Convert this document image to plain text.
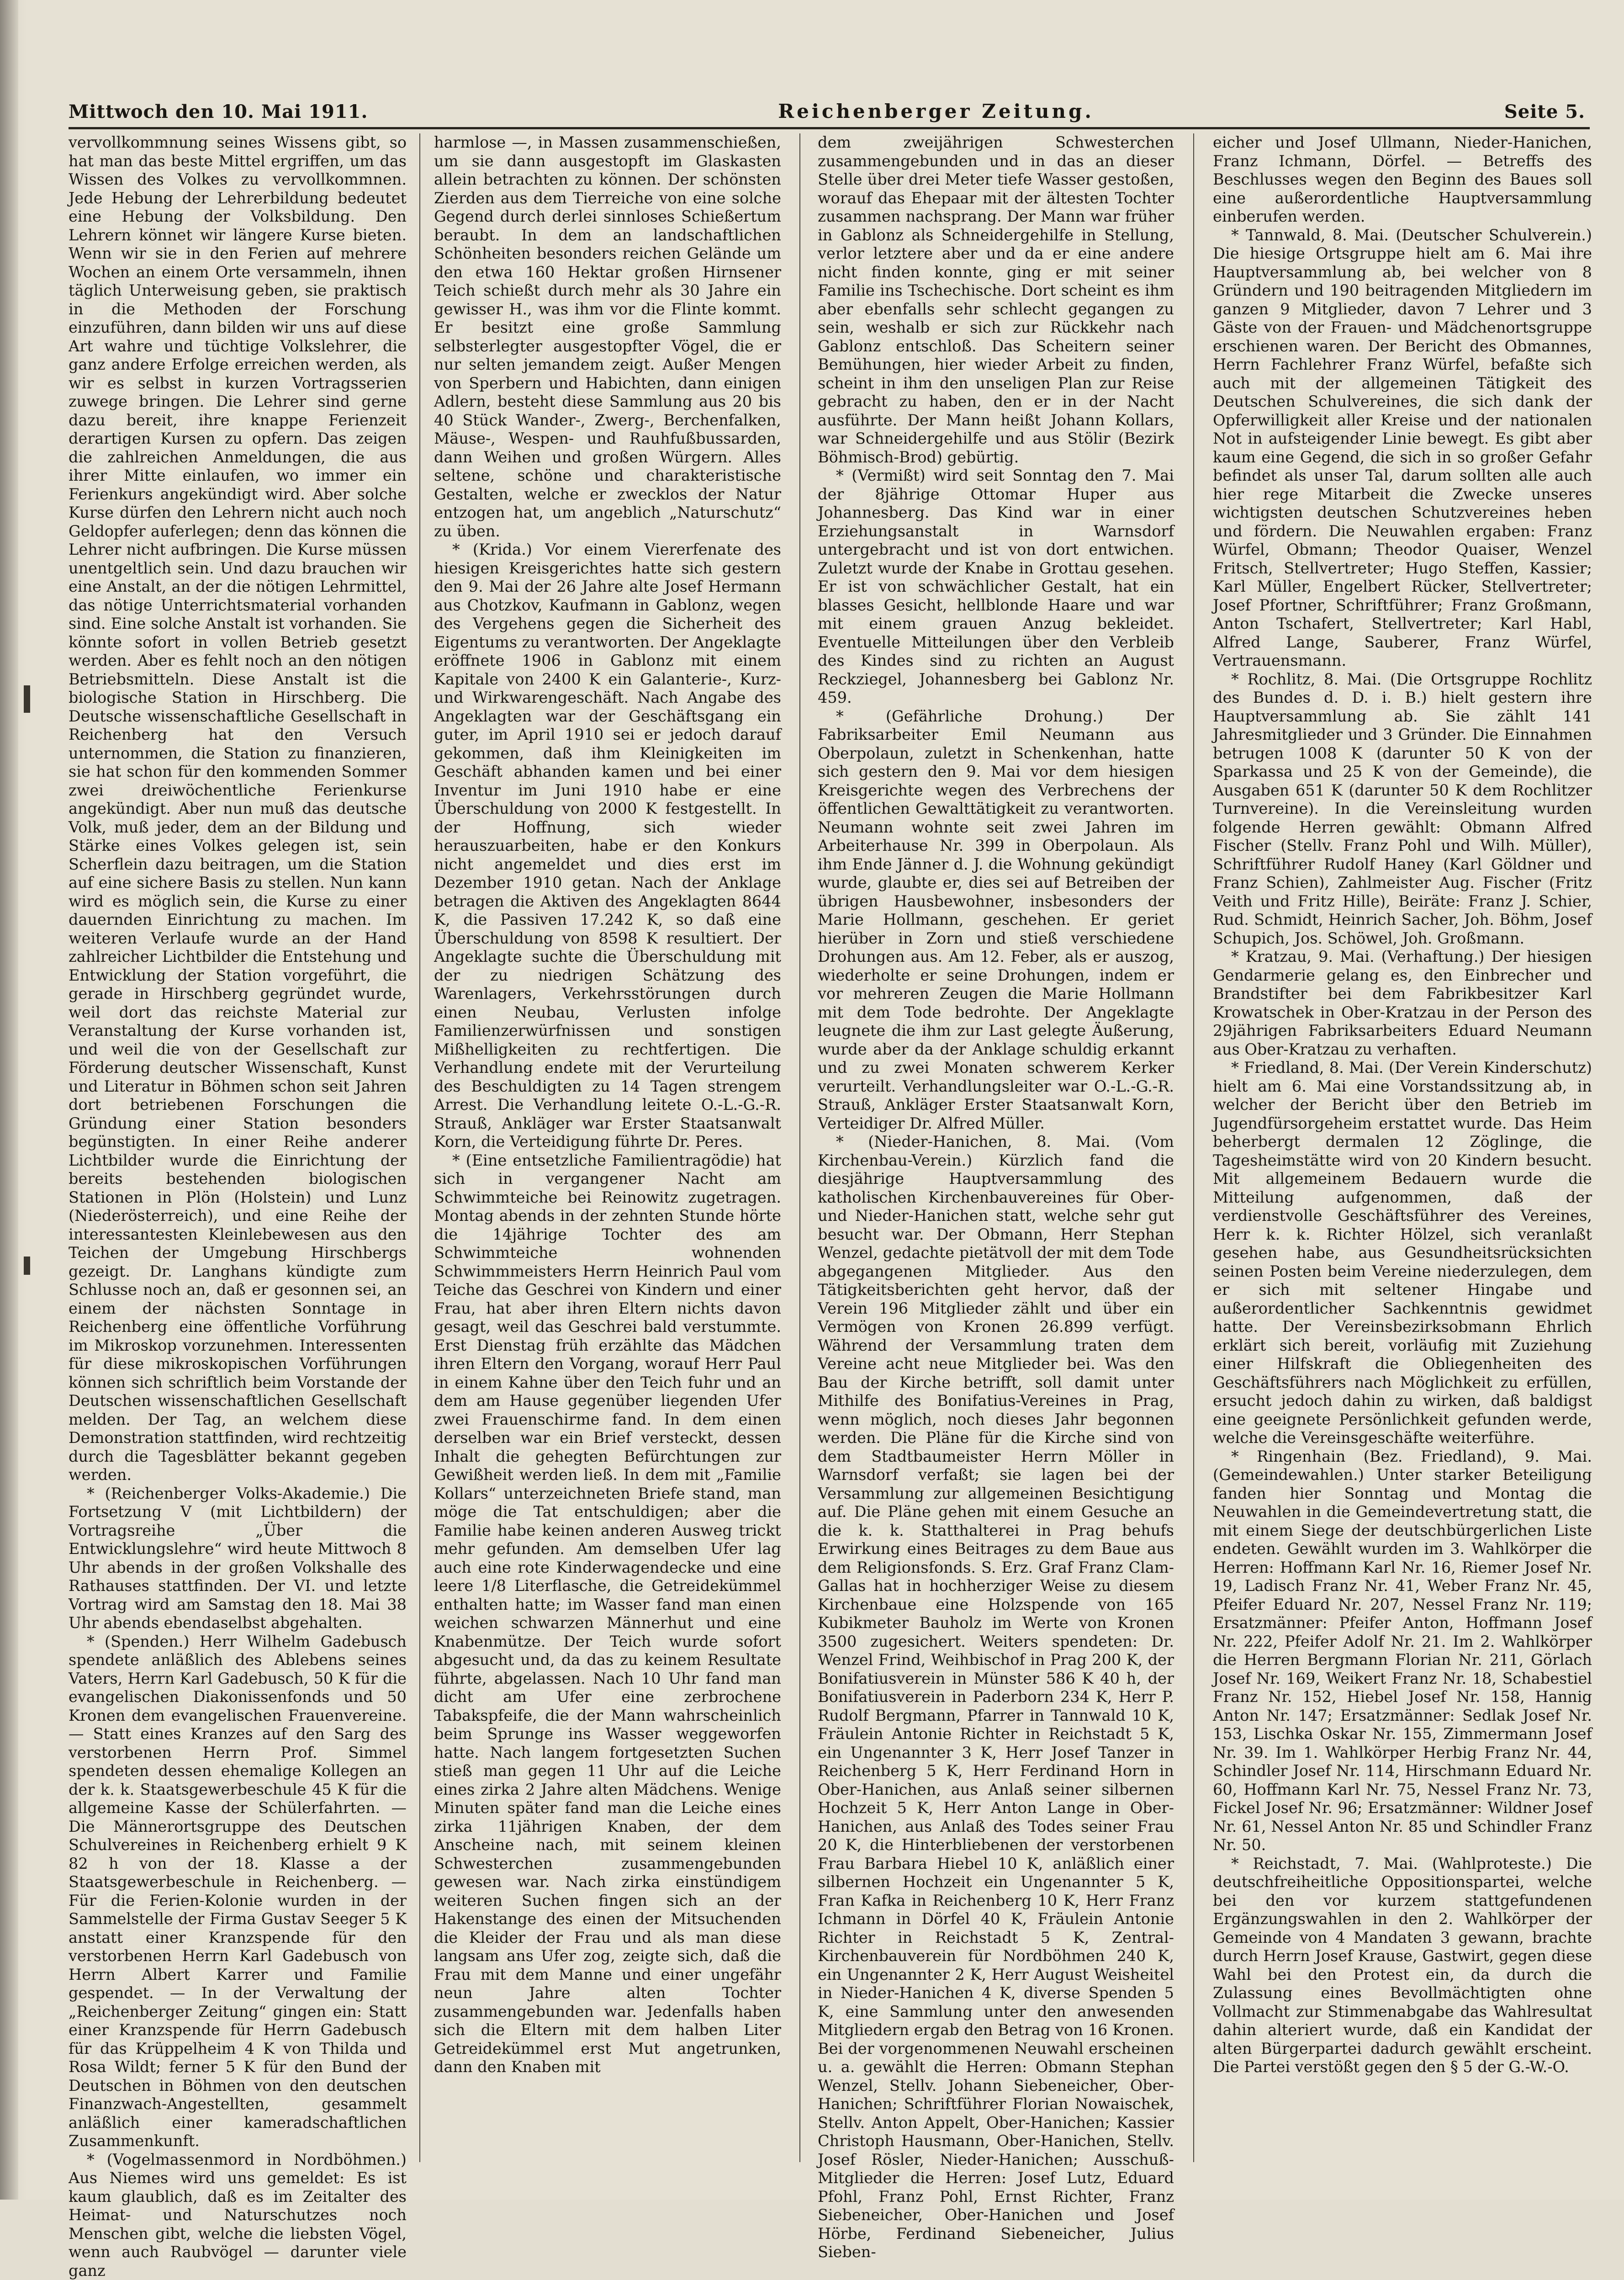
Mittwoch den 10. Mai 1911.	Reichenberger Zeitung.	Seite 5.

vervollkommnung seines Wissens gibt, so hat man das beste Mittel ergriffen, um das Wissen des Volkes zu vervollkommnen. Jede Hebung der Lehrerbildung bedeutet eine Hebung der Volksbildung. Den Lehrern könnet wir längere Kurse bieten. Wenn wir sie in den Ferien auf mehrere Wochen an einem Orte versammeln, ihnen täglich Unterweisung geben, sie praktisch in die Methoden der Forschung einzuführen, dann bilden wir uns auf diese Art wahre und tüchtige Volkslehrer, die ganz andere Erfolge erreichen werden, als wir es selbst in kurzen Vortragsserien zuwege bringen. Die Lehrer sind gerne dazu bereit, ihre knappe Ferienzeit derartigen Kursen zu opfern. Das zeigen die zahlreichen Anmeldungen, die aus ihrer Mitte einlaufen, wo immer ein Ferienkurs angekündigt wird. Aber solche Kurse dürfen den Lehrern nicht auch noch Geldopfer auferlegen; denn das können die Lehrer nicht aufbringen. Die Kurse müssen unentgeltlich sein. Und dazu brauchen wir eine Anstalt, an der die nötigen Lehrmittel, das nötige Unterrichtsmaterial vorhanden sind. Eine solche Anstalt ist vorhanden. Sie könnte sofort in vollen Betrieb gesetzt werden. Aber es fehlt noch an den nötigen Betriebsmitteln. Diese Anstalt ist die biologische Station in Hirschberg. Die Deutsche wissenschaftliche Gesellschaft in Reichenberg hat den Versuch unternommen, die Station zu finanzieren, sie hat schon für den kommenden Sommer zwei dreiwöchentliche Ferienkurse angekündigt. Aber nun muß das deutsche Volk, muß jeder, dem an der Bildung und Stärke eines Volkes gelegen ist, sein Scherflein dazu beitragen, um die Station auf eine sichere Basis zu stellen. Nun kann wird es möglich sein, die Kurse zu einer dauernden Einrichtung zu machen. Im weiteren Verlaufe wurde an der Hand zahlreicher Lichtbilder die Entstehung und Entwicklung der Station vorgeführt, die gerade in Hirschberg gegründet wurde, weil dort das reichste Material zur Veranstaltung der Kurse vorhanden ist, und weil die von der Gesellschaft zur Förderung deutscher Wissenschaft, Kunst und Literatur in Böhmen schon seit Jahren dort betriebenen Forschungen die Gründung einer Station besonders begünstigten. In einer Reihe anderer Lichtbilder wurde die Einrichtung der bereits bestehenden biologischen Stationen in Plön (Holstein) und Lunz (Niederösterreich), und eine Reihe der interessantesten Kleinlebewesen aus den Teichen der Umgebung Hirschbergs gezeigt. Dr. Langhans kündigte zum Schlusse noch an, daß er gesonnen sei, an einem der nächsten Sonntage in Reichenberg eine öffentliche Vorführung im Mikroskop vorzunehmen. Interessenten für diese mikroskopischen Vorführungen können sich schriftlich beim Vorstande der Deutschen wissenschaftlichen Gesellschaft melden. Der Tag, an welchem diese Demonstration stattfinden, wird rechtzeitig durch die Tagesblätter bekannt gegeben werden.

* (Reichenberger Volks-Akademie.) Die Fortsetzung V (mit Lichtbildern) der Vortragsreihe „Über die Entwicklungslehre“ wird heute Mittwoch 8 Uhr abends in der großen Volkshalle des Rathauses stattfinden. Der VI. und letzte Vortrag wird am Samstag den 18. Mai 38 Uhr abends ebendaselbst abgehalten.

* (Spenden.) Herr Wilhelm Gadebusch spendete anläßlich des Ablebens seines Vaters, Herrn Karl Gadebusch, 50 K für die evangelischen Diakonissenfonds und 50 Kronen dem evangelischen Frauenvereine. — Statt eines Kranzes auf den Sarg des verstorbenen Herrn Prof. Simmel spendeten dessen ehemalige Kollegen an der k. k. Staatsgewerbeschule 45 K für die allgemeine Kasse der Schülerfahrten. — Die Männerortsgruppe des Deutschen Schulvereines in Reichenberg erhielt 9 K 82 h von der 18. Klasse a der Staatsgewerbeschule in Reichenberg. — Für die Ferien-Kolonie wurden in der Sammelstelle der Firma Gustav Seeger 5 K anstatt einer Kranzspende für den verstorbenen Herrn Karl Gadebusch von Herrn Albert Karrer und Familie gespendet. — In der Verwaltung der „Reichenberger Zeitung“ gingen ein: Statt einer Kranzspende für Herrn Gadebusch für das Krüppelheim 4 K von Thilda und Rosa Wildt; ferner 5 K für den Bund der Deutschen in Böhmen von den deutschen Finanzwach-Angestellten, gesammelt anläßlich einer kameradschaftlichen Zusammenkunft.

* (Vogelmassenmord in Nordböhmen.) Aus Niemes wird uns gemeldet: Es ist kaum glaublich, daß es im Zeitalter des Heimat- und Naturschutzes noch Menschen gibt, welche die liebsten Vögel, wenn auch Raubvögel — darunter viele ganz

harmlose —, in Massen zusammenschießen, um sie dann ausgestopft im Glaskasten allein betrachten zu können. Der schönsten Zierden aus dem Tierreiche von eine solche Gegend durch derlei sinnloses Schießertum beraubt. In dem an landschaftlichen Schönheiten besonders reichen Gelände um den etwa 160 Hektar großen Hirnsener Teich schießt durch mehr als 30 Jahre ein gewisser H., was ihm vor die Flinte kommt. Er besitzt eine große Sammlung selbsterlegter ausgestopfter Vögel, die er nur selten jemandem zeigt. Außer Mengen von Sperbern und Habichten, dann einigen Adlern, besteht diese Sammlung aus 20 bis 40 Stück Wander-, Zwerg-, Berchenfalken, Mäuse-, Wespen- und Rauhfußbussarden, dann Weihen und großen Würgern. Alles seltene, schöne und charakteristische Gestalten, welche er zwecklos der Natur entzogen hat, um angeblich „Naturschutz“ zu üben.

* (Krida.) Vor einem Viererfenate des hiesigen Kreisgerichtes hatte sich gestern den 9. Mai der 26 Jahre alte Josef Hermann aus Chotzkov, Kaufmann in Gablonz, wegen des Vergehens gegen die Sicherheit des Eigentums zu verantworten. Der Angeklagte eröffnete 1906 in Gablonz mit einem Kapitale von 2400 K ein Galanterie-, Kurz- und Wirkwarengeschäft. Nach Angabe des Angeklagten war der Geschäftsgang ein guter, im April 1910 sei er jedoch darauf gekommen, daß ihm Kleinigkeiten im Geschäft abhanden kamen und bei einer Inventur im Juni 1910 habe er eine Überschuldung von 2000 K festgestellt. In der Hoffnung, sich wieder herauszuarbeiten, habe er den Konkurs nicht angemeldet und dies erst im Dezember 1910 getan. Nach der Anklage betragen die Aktiven des Angeklagten 8644 K, die Passiven 17.242 K, so daß eine Überschuldung von 8598 K resultiert. Der Angeklagte suchte die Überschuldung mit der zu niedrigen Schätzung des Warenlagers, Verkehrsstörungen durch einen Neubau, Verlusten infolge Familienzerwürfnissen und sonstigen Mißhelligkeiten zu rechtfertigen. Die Verhandlung endete mit der Verurteilung des Beschuldigten zu 14 Tagen strengem Arrest. Die Verhandlung leitete O.-L.-G.-R. Strauß, Ankläger war Erster Staatsanwalt Korn, die Verteidigung führte Dr. Peres.

* (Eine entsetzliche Familientragödie) hat sich in vergangener Nacht am Schwimmteiche bei Reinowitz zugetragen. Montag abends in der zehnten Stunde hörte die 14jährige Tochter des am Schwimmteiche wohnenden Schwimmmeisters Herrn Heinrich Paul vom Teiche das Geschrei von Kindern und einer Frau, hat aber ihren Eltern nichts davon gesagt, weil das Geschrei bald verstummte. Erst Dienstag früh erzählte das Mädchen ihren Eltern den Vorgang, worauf Herr Paul in einem Kahne über den Teich fuhr und an dem am Hause gegenüber liegenden Ufer zwei Frauenschirme fand. In dem einen derselben war ein Brief versteckt, dessen Inhalt die gehegten Befürchtungen zur Gewißheit werden ließ. In dem mit „Familie Kollars“ unterzeichneten Briefe stand, man möge die Tat entschuldigen; aber die Familie habe keinen anderen Ausweg trickt mehr gefunden. Am demselben Ufer lag auch eine rote Kinderwagendecke und eine leere 1/8 Literflasche, die Getreidekümmel enthalten hatte; im Wasser fand man einen weichen schwarzen Männerhut und eine Knabenmütze. Der Teich wurde sofort abgesucht und, da das zu keinem Resultate führte, abgelassen. Nach 10 Uhr fand man dicht am Ufer eine zerbrochene Tabakspfeife, die der Mann wahrscheinlich beim Sprunge ins Wasser weggeworfen hatte. Nach langem fortgesetzten Suchen stieß man gegen 11 Uhr auf die Leiche eines zirka 2 Jahre alten Mädchens. Wenige Minuten später fand man die Leiche eines zirka 11jährigen Knaben, der dem Anscheine nach, mit seinem kleinen Schwesterchen zusammengebunden gewesen war. Nach zirka einstündigem weiteren Suchen fingen sich an der Hakenstange des einen der Mitsuchenden die Kleider der Frau und als man diese langsam ans Ufer zog, zeigte sich, daß die Frau mit dem Manne und einer ungefähr neun Jahre alten Tochter zusammengebunden war. Jedenfalls haben sich die Eltern mit dem halben Liter Getreidekümmel erst Mut angetrunken, dann den Knaben mit

dem zweijährigen Schwesterchen zusammengebunden und in das an dieser Stelle über drei Meter tiefe Wasser gestoßen, worauf das Ehepaar mit der ältesten Tochter zusammen nachsprang. Der Mann war früher in Gablonz als Schneidergehilfe in Stellung, verlor letztere aber und da er eine andere nicht finden konnte, ging er mit seiner Familie ins Tschechische. Dort scheint es ihm aber ebenfalls sehr schlecht gegangen zu sein, weshalb er sich zur Rückkehr nach Gablonz entschloß. Das Scheitern seiner Bemühungen, hier wieder Arbeit zu finden, scheint in ihm den unseligen Plan zur Reise gebracht zu haben, den er in der Nacht ausführte. Der Mann heißt Johann Kollars, war Schneidergehilfe und aus Stölir (Bezirk Böhmisch-Brod) gebürtig.

* (Vermißt) wird seit Sonntag den 7. Mai der 8jährige Ottomar Huper aus Johannesberg. Das Kind war in einer Erziehungsanstalt in Warnsdorf untergebracht und ist von dort entwichen. Zuletzt wurde der Knabe in Grottau gesehen. Er ist von schwächlicher Gestalt, hat ein blasses Gesicht, hellblonde Haare und war mit einem grauen Anzug bekleidet. Eventuelle Mitteilungen über den Verbleib des Kindes sind zu richten an August Reckziegel, Johannesberg bei Gablonz Nr. 459.

* (Gefährliche Drohung.) Der Fabriksarbeiter Emil Neumann aus Oberpolaun, zuletzt in Schenkenhan, hatte sich gestern den 9. Mai vor dem hiesigen Kreisgerichte wegen des Verbrechens der öffentlichen Gewalttätigkeit zu verantworten. Neumann wohnte seit zwei Jahren im Arbeiterhause Nr. 399 in Oberpolaun. Als ihm Ende Jänner d. J. die Wohnung gekündigt wurde, glaubte er, dies sei auf Betreiben der übrigen Hausbewohner, insbesonders der Marie Hollmann, geschehen. Er geriet hierüber in Zorn und stieß verschiedene Drohungen aus. Am 12. Feber, als er auszog, wiederholte er seine Drohungen, indem er vor mehreren Zeugen die Marie Hollmann mit dem Tode bedrohte. Der Angeklagte leugnete die ihm zur Last gelegte Äußerung, wurde aber da der Anklage schuldig erkannt und zu zwei Monaten schwerem Kerker verurteilt. Verhandlungsleiter war O.-L.-G.-R. Strauß, Ankläger Erster Staatsanwalt Korn, Verteidiger Dr. Alfred Müller.

* (Nieder-Hanichen, 8. Mai. (Vom Kirchenbau-Verein.) Kürzlich fand die diesjährige Hauptversammlung des katholischen Kirchenbauvereines für Ober- und Nieder-Hanichen statt, welche sehr gut besucht war. Der Obmann, Herr Stephan Wenzel, gedachte pietätvoll der mit dem Tode abgegangenen Mitglieder. Aus den Tätigkeitsberichten geht hervor, daß der Verein 196 Mitglieder zählt und über ein Vermögen von Kronen 26.899 verfügt. Während der Versammlung traten dem Vereine acht neue Mitglieder bei. Was den Bau der Kirche betrifft, soll damit unter Mithilfe des Bonifatius-Vereines in Prag, wenn möglich, noch dieses Jahr begonnen werden. Die Pläne für die Kirche sind von dem Stadtbaumeister Herrn Möller in Warnsdorf verfaßt; sie lagen bei der Versammlung zur allgemeinen Besichtigung auf. Die Pläne gehen mit einem Gesuche an die k. k. Statthalterei in Prag behufs Erwirkung eines Beitrages zu dem Baue aus dem Religionsfonds. S. Erz. Graf Franz Clam-Gallas hat in hochherziger Weise zu diesem Kirchenbaue eine Holzspende von 165 Kubikmeter Bauholz im Werte von Kronen 3500 zugesichert. Weiters spendeten: Dr. Wenzel Frind, Weihbischof in Prag 200 K, der Bonifatiusverein in Münster 586 K 40 h, der Bonifatiusverein in Paderborn 234 K, Herr P. Rudolf Bergmann, Pfarrer in Tannwald 10 K, Fräulein Antonie Richter in Reichstadt 5 K, ein Ungenannter 3 K, Herr Josef Tanzer in Reichenberg 5 K, Herr Ferdinand Horn in Ober-Hanichen, aus Anlaß seiner silbernen Hochzeit 5 K, Herr Anton Lange in Ober-Hanichen, aus Anlaß des Todes seiner Frau 20 K, die Hinterbliebenen der verstorbenen Frau Barbara Hiebel 10 K, anläßlich einer silbernen Hochzeit ein Ungenannter 5 K, Fran Kafka in Reichenberg 10 K, Herr Franz Ichmann in Dörfel 40 K, Fräulein Antonie Richter in Reichstadt 5 K, Zentral-Kirchenbauverein für Nordböhmen 240 K, ein Ungenannter 2 K, Herr August Weisheitel in Nieder-Hanichen 4 K, diverse Spenden 5 K, eine Sammlung unter den anwesenden Mitgliedern ergab den Betrag von 16 Kronen. Bei der vorgenommenen Neuwahl erscheinen u. a. gewählt die Herren: Obmann Stephan Wenzel, Stellv. Johann Siebeneicher, Ober-Hanichen; Schriftführer Florian Nowaischek, Stellv. Anton Appelt, Ober-Hanichen; Kassier Christoph Hausmann, Ober-Hanichen, Stellv. Josef Rösler, Nieder-Hanichen; Ausschuß-Mitglieder die Herren: Josef Lutz, Eduard Pfohl, Franz Pohl, Ernst Richter, Franz Siebeneicher, Ober-Hanichen und Josef Hörbe, Ferdinand Siebeneicher, Julius Sieben-

eicher und Josef Ullmann, Nieder-Hanichen, Franz Ichmann, Dörfel. — Betreffs des Beschlusses wegen den Beginn des Baues soll eine außerordentliche Hauptversammlung einberufen werden.

* Tannwald, 8. Mai. (Deutscher Schulverein.) Die hiesige Ortsgruppe hielt am 6. Mai ihre Hauptversammlung ab, bei welcher von 8 Gründern und 190 beitragenden Mitgliedern im ganzen 9 Mitglieder, davon 7 Lehrer und 3 Gäste von der Frauen- und Mädchenortsgruppe erschienen waren. Der Bericht des Obmannes, Herrn Fachlehrer Franz Würfel, befaßte sich auch mit der allgemeinen Tätigkeit des Deutschen Schulvereines, die sich dank der Opferwilligkeit aller Kreise und der nationalen Not in aufsteigender Linie bewegt. Es gibt aber kaum eine Gegend, die sich in so großer Gefahr befindet als unser Tal, darum sollten alle auch hier rege Mitarbeit die Zwecke unseres wichtigsten deutschen Schutzvereines heben und fördern. Die Neuwahlen ergaben: Franz Würfel, Obmann; Theodor Quaiser, Wenzel Fritsch, Stellvertreter; Hugo Steffen, Kassier; Karl Müller, Engelbert Rücker, Stellvertreter; Josef Pfortner, Schriftführer; Franz Großmann, Anton Tschafert, Stellvertreter; Karl Habl, Alfred Lange, Sauberer, Franz Würfel, Vertrauensmann.

* Rochlitz, 8. Mai. (Die Ortsgruppe Rochlitz des Bundes d. D. i. B.) hielt gestern ihre Hauptversammlung ab. Sie zählt 141 Jahresmitglieder und 3 Gründer. Die Einnahmen betrugen 1008 K (darunter 50 K von der Sparkassa und 25 K von der Gemeinde), die Ausgaben 651 K (darunter 50 K dem Rochlitzer Turnvereine). In die Vereinsleitung wurden folgende Herren gewählt: Obmann Alfred Fischer (Stellv. Franz Pohl und Wilh. Müller), Schriftführer Rudolf Haney (Karl Göldner und Franz Schien), Zahlmeister Aug. Fischer (Fritz Veith und Fritz Hille), Beiräte: Franz J. Schier, Rud. Schmidt, Heinrich Sacher, Joh. Böhm, Josef Schupich, Jos. Schöwel, Joh. Großmann.

* Kratzau, 9. Mai. (Verhaftung.) Der hiesigen Gendarmerie gelang es, den Einbrecher und Brandstifter bei dem Fabrikbesitzer Karl Krowatschek in Ober-Kratzau in der Person des 29jährigen Fabriksarbeiters Eduard Neumann aus Ober-Kratzau zu verhaften.

* Friedland, 8. Mai. (Der Verein Kinderschutz) hielt am 6. Mai eine Vorstandssitzung ab, in welcher der Bericht über den Betrieb im Jugendfürsorgeheim erstattet wurde. Das Heim beherbergt dermalen 12 Zöglinge, die Tagesheimstätte wird von 20 Kindern besucht. Mit allgemeinem Bedauern wurde die Mitteilung aufgenommen, daß der verdienstvolle Geschäftsführer des Vereines, Herr k. k. Richter Hölzel, sich veranlaßt gesehen habe, aus Gesundheitsrücksichten seinen Posten beim Vereine niederzulegen, dem er sich mit seltener Hingabe und außerordentlicher Sachkenntnis gewidmet hatte. Der Vereinsbezirksobmann Ehrlich erklärt sich bereit, vorläufig mit Zuziehung einer Hilfskraft die Obliegenheiten des Geschäftsführers nach Möglichkeit zu erfüllen, ersucht jedoch dahin zu wirken, daß baldigst eine geeignete Persönlichkeit gefunden werde, welche die Vereinsgeschäfte weiterführe.

* Ringenhain (Bez. Friedland), 9. Mai. (Gemeindewahlen.) Unter starker Beteiligung fanden hier Sonntag und Montag die Neuwahlen in die Gemeindevertretung statt, die mit einem Siege der deutschbürgerlichen Liste endeten. Gewählt wurden im 3. Wahlkörper die Herren: Hoffmann Karl Nr. 16, Riemer Josef Nr. 19, Ladisch Franz Nr. 41, Weber Franz Nr. 45, Pfeifer Eduard Nr. 207, Nessel Franz Nr. 119; Ersatzmänner: Pfeifer Anton, Hoffmann Josef Nr. 222, Pfeifer Adolf Nr. 21. Im 2. Wahlkörper die Herren Bergmann Florian Nr. 211, Görlach Josef Nr. 169, Weikert Franz Nr. 18, Schabestiel Franz Nr. 152, Hiebel Josef Nr. 158, Hannig Anton Nr. 147; Ersatzmänner: Sedlak Josef Nr. 153, Lischka Oskar Nr. 155, Zimmermann Josef Nr. 39. Im 1. Wahlkörper Herbig Franz Nr. 44, Schindler Josef Nr. 114, Hirschmann Eduard Nr. 60, Hoffmann Karl Nr. 75, Nessel Franz Nr. 73, Fickel Josef Nr. 96; Ersatzmänner: Wildner Josef Nr. 61, Nessel Anton Nr. 85 und Schindler Franz Nr. 50.

* Reichstadt, 7. Mai. (Wahlproteste.) Die deutschfreiheitliche Oppositionspartei, welche bei den vor kurzem stattgefundenen Ergänzungswahlen in den 2. Wahlkörper der Gemeinde von 4 Mandaten 3 gewann, brachte durch Herrn Josef Krause, Gastwirt, gegen diese Wahl bei den Protest ein, da durch die Zulassung eines Bevollmächtigten ohne Vollmacht zur Stimmenabgabe das Wahlresultat dahin alteriert wurde, daß ein Kandidat der alten Bürgerpartei dadurch gewählt erscheint. Die Partei verstößt gegen den § 5 der G.-W.-O.
